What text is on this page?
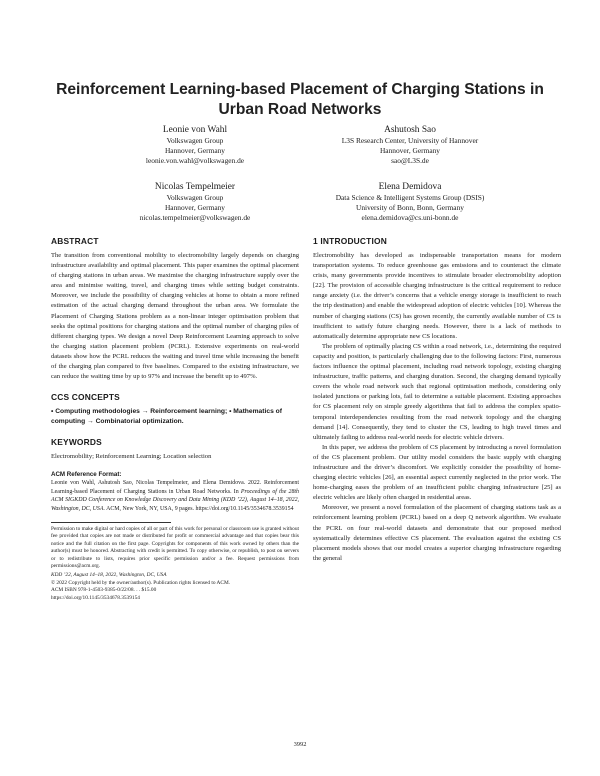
Reinforcement Learning-based Placement of Charging Stations in Urban Road Networks
Leonie von Wahl
Volkswagen Group
Hannover, Germany
leonie.von.wahl@volkswagen.de
Ashutosh Sao
L3S Research Center, University of Hannover
Hannover, Germany
sao@L3S.de
Nicolas Tempelmeier
Volkswagen Group
Hannover, Germany
nicolas.tempelmeier@volkswagen.de
Elena Demidova
Data Science & Intelligent Systems Group (DSIS)
University of Bonn, Bonn, Germany
elena.demidova@cs.uni-bonn.de
ABSTRACT

The transition from conventional mobility to electromobility largely depends on charging infrastructure availability and optimal placement. This paper examines the optimal placement of charging stations in urban areas. We maximise the charging infrastructure supply over the area and minimise waiting, travel, and charging times while setting budget constraints. Moreover, we include the possibility of charging vehicles at home to obtain a more refined estimation of the actual charging demand throughout the urban area. We formulate the Placement of Charging Stations problem as a non-linear integer optimisation problem that seeks the optimal positions for charging stations and the optimal number of charging piles of different charging types. We design a novel Deep Reinforcement Learning approach to solve the charging station placement problem (PCRL). Extensive experiments on real-world datasets show how the PCRL reduces the waiting and travel time while increasing the benefit of the charging plan compared to five baselines. Compared to the existing infrastructure, we can reduce the waiting time by up to 97% and increase the benefit up to 497%.

CCS CONCEPTS

• Computing methodologies → Reinforcement learning; • Mathematics of computing → Combinatorial optimization.

KEYWORDS

Electromobility; Reinforcement Learning; Location selection

ACM Reference Format:

Leonie von Wahl, Ashutosh Sao, Nicolas Tempelmeier, and Elena Demidova. 2022. Reinforcement Learning-based Placement of Charging Stations in Urban Road Networks. In Proceedings of the 28th ACM SIGKDD Conference on Knowledge Discovery and Data Mining (KDD ’22), August 14–18, 2022, Washington, DC, USA. ACM, New York, NY, USA, 9 pages. https://doi.org/10.1145/3534678.3539154

Permission to make digital or hard copies of all or part of this work for personal or classroom use is granted without fee provided that copies are not made or distributed for profit or commercial advantage and that copies bear this notice and the full citation on the first page. Copyrights for components of this work owned by others than the author(s) must be honored. Abstracting with credit is permitted. To copy otherwise, or republish, to post on servers or to redistribute to lists, requires prior specific permission and/or a fee. Request permissions from permissions@acm.org.

KDD ’22, August 14–18, 2022, Washington, DC, USA

© 2022 Copyright held by the owner/author(s). Publication rights licensed to ACM.

ACM ISBN 978-1-4503-9385-0/22/08. . . $15.00

https://doi.org/10.1145/3534678.3539154

1 INTRODUCTION

Electromobility has developed as indispensable transportation means for modern transportation systems. To reduce greenhouse gas emissions and to counteract the climate crisis, many governments provide incentives to stimulate broader electromobility adoption [22]. The provision of accessible charging infrastructure is the critical requirement to reduce range anxiety (i.e. the driver’s concerns that a vehicle energy storage is insufficient to reach the trip destination) and enable the widespread adoption of electric vehicles [10]. Whereas the number of charging stations (CS) has grown recently, the currently available number of CS is insufficient to satisfy future charging needs. However, there is a lack of methods to automatically determine appropriate new CS locations.

The problem of optimally placing CS within a road network, i.e., determining the required capacity and position, is particularly challenging due to the following factors: First, numerous factors influence the optimal placement, including road network topology, existing charging infrastructure, traffic patterns, and charging duration. Second, the charging demand typically covers the whole road network such that regional optimisation methods, considering only isolated junctions or parking lots, fail to determine a suitable placement. Existing approaches for CS placement rely on simple greedy algorithms that fail to address the complex spatio-temporal interdependencies resulting from the road network topology and the charging demand [14]. Consequently, they tend to cluster the CS, leading to high travel times and ultimately failing to address real-world needs for electric vehicle drivers.

In this paper, we address the problem of CS placement by introducing a novel formulation of the CS placement problem. Our utility model considers the basic supply with charging infrastructure and the driver’s discomfort. We explicitly consider the possibility of home-charging electric vehicles [26], an essential aspect currently neglected in the prior work. The home-charging eases the problem of an insufficient public charging infrastructure [25] as electric vehicles are likely often charged in residential areas.

Moreover, we present a novel formulation of the placement of charging stations task as a reinforcement learning problem (PCRL) based on a deep Q network algorithm. We evaluate the PCRL on four real-world datasets and demonstrate that our proposed method systematically determines effective CS placement. The evaluation against the existing CS placement models shows that our model creates a superior charging infrastructure regarding the general

3992
